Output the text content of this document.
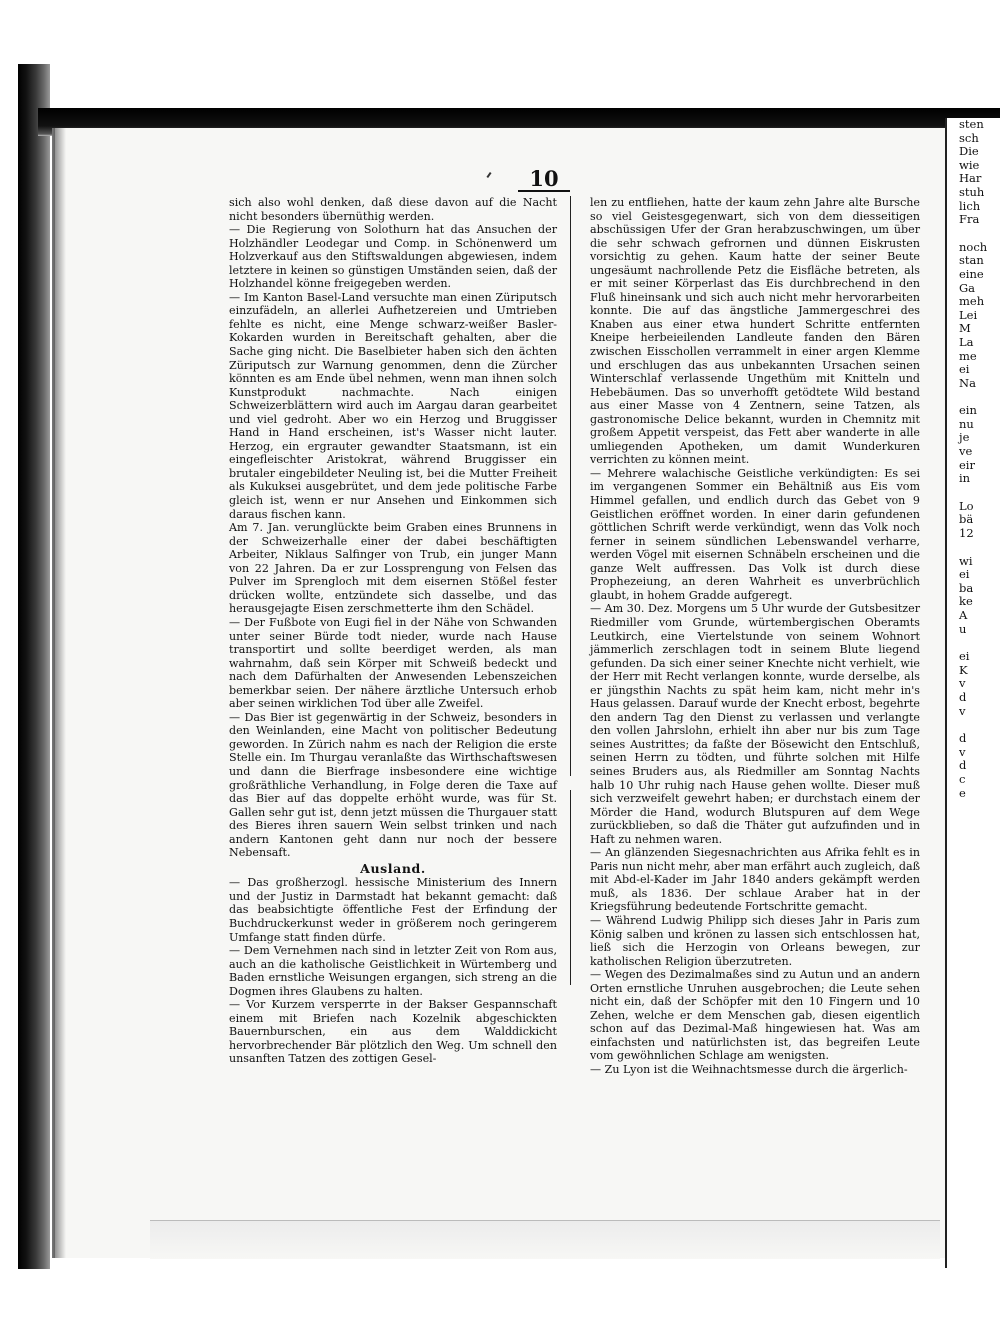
sten
sch
Die
wie
Har
stuh
lich
Fra
noch
stan
eine
Ga
meh
Lei
M
La
me
ei
Na
ein
nu
je
ve
eir
in
Lo
bä
12
wi
ei
ba
ke
A
u
ei
K
v
d
v
d
v
d
c
e
10

sich also wohl denken, daß diese davon auf die Nacht nicht besonders übernüthig werden.

— Die Regierung von Solothurn hat das Ansuchen der Holzhändler Leodegar und Comp. in Schönenwerd um Holzverkauf aus den Stiftswaldungen abgewiesen, indem letztere in keinen so günstigen Umständen seien, daß der Holzhandel könne freigegeben werden.

— Im Kanton Basel-Land versuchte man einen Züriputsch einzufädeln, an allerlei Aufhetzereien und Umtrieben fehlte es nicht, eine Menge schwarz-weißer Basler-Kokarden wurden in Bereitschaft gehalten, aber die Sache ging nicht. Die Baselbieter haben sich den ächten Züriputsch zur Warnung genommen, denn die Zürcher könnten es am Ende übel nehmen, wenn man ihnen solch Kunstprodukt nachmachte. Nach einigen Schweizerblättern wird auch im Aargau daran gearbeitet und viel gedroht. Aber wo ein Herzog und Bruggisser Hand in Hand erscheinen, ist's Wasser nicht lauter. Herzog, ein ergrauter gewandter Staatsmann, ist ein eingefleischter Aristokrat, während Bruggisser ein brutaler eingebildeter Neuling ist, bei die Mutter Freiheit als Kukuksei ausgebrütet, und dem jede politische Farbe gleich ist, wenn er nur Ansehen und Einkommen sich daraus fischen kann.

Am 7. Jan. verunglückte beim Graben eines Brunnens in der Schweizerhalle einer der dabei beschäftigten Arbeiter, Niklaus Salfinger von Trub, ein junger Mann von 22 Jahren. Da er zur Lossprengung von Felsen das Pulver im Sprengloch mit dem eisernen Stößel fester drücken wollte, entzündete sich dasselbe, und das herausgejagte Eisen zerschmetterte ihm den Schädel.

— Der Fußbote von Eugi fiel in der Nähe von Schwanden unter seiner Bürde todt nieder, wurde nach Hause transportirt und sollte beerdiget werden, als man wahrnahm, daß sein Körper mit Schweiß bedeckt und nach dem Dafürhalten der Anwesenden Lebenszeichen bemerkbar seien. Der nähere ärztliche Untersuch erhob aber seinen wirklichen Tod über alle Zweifel.

— Das Bier ist gegenwärtig in der Schweiz, besonders in den Weinlanden, eine Macht von politischer Bedeutung geworden. In Zürich nahm es nach der Religion die erste Stelle ein. Im Thurgau veranlaßte das Wirthschaftswesen und dann die Bierfrage insbesondere eine wichtige großräthliche Verhandlung, in Folge deren die Taxe auf das Bier auf das doppelte erhöht wurde, was für St. Gallen sehr gut ist, denn jetzt müssen die Thurgauer statt des Bieres ihren sauern Wein selbst trinken und nach andern Kantonen geht dann nur noch der bessere Nebensaft.

Ausland.

— Das großherzogl. hessische Ministerium des Innern und der Justiz in Darmstadt hat bekannt gemacht: daß das beabsichtigte öffentliche Fest der Erfindung der Buchdruckerkunst weder in größerem noch geringerem Umfange statt finden dürfe.

— Dem Vernehmen nach sind in letzter Zeit von Rom aus, auch an die katholische Geistlichkeit in Würtemberg und Baden ernstliche Weisungen ergangen, sich streng an die Dogmen ihres Glaubens zu halten.

— Vor Kurzem versperrte in der Bakser Gespannschaft einem mit Briefen nach Kozelnik abgeschickten Bauernburschen, ein aus dem Walddickicht hervorbrechender Bär plötzlich den Weg. Um schnell den unsanften Tatzen des zottigen Gesel-

len zu entfliehen, hatte der kaum zehn Jahre alte Bursche so viel Geistesgegenwart, sich von dem diesseitigen abschüssigen Ufer der Gran herabzuschwingen, um über die sehr schwach gefrornen und dünnen Eiskrusten vorsichtig zu gehen. Kaum hatte der seiner Beute ungesäumt nachrollende Petz die Eisfläche betreten, als er mit seiner Körperlast das Eis durchbrechend in den Fluß hineinsank und sich auch nicht mehr hervorarbeiten konnte. Die auf das ängstliche Jammergeschrei des Knaben aus einer etwa hundert Schritte entfernten Kneipe herbeieilenden Landleute fanden den Bären zwischen Eisschollen verrammelt in einer argen Klemme und erschlugen das aus unbekannten Ursachen seinen Winterschlaf verlassende Ungethüm mit Knitteln und Hebebäumen. Das so unverhofft getödtete Wild bestand aus einer Masse von 4 Zentnern, seine Tatzen, als gastronomische Delice bekannt, wurden in Chemnitz mit großem Appetit verspeist, das Fett aber wanderte in alle umliegenden Apotheken, um damit Wunderkuren verrichten zu können meint.

— Mehrere walachische Geistliche verkündigten: Es sei im vergangenen Sommer ein Behältniß aus Eis vom Himmel gefallen, und endlich durch das Gebet von 9 Geistlichen eröffnet worden. In einer darin gefundenen göttlichen Schrift werde verkündigt, wenn das Volk noch ferner in seinem sündlichen Lebenswandel verharre, werden Vögel mit eisernen Schnäbeln erscheinen und die ganze Welt auffressen. Das Volk ist durch diese Prophezeiung, an deren Wahrheit es unverbrüchlich glaubt, in hohem Gradde aufgeregt.

— Am 30. Dez. Morgens um 5 Uhr wurde der Gutsbesitzer Riedmiller vom Grunde, würtembergischen Oberamts Leutkirch, eine Viertelstunde von seinem Wohnort jämmerlich zerschlagen todt in seinem Blute liegend gefunden. Da sich einer seiner Knechte nicht verhielt, wie der Herr mit Recht verlangen konnte, wurde derselbe, als er jüngsthin Nachts zu spät heim kam, nicht mehr in's Haus gelassen. Darauf wurde der Knecht erbost, begehrte den andern Tag den Dienst zu verlassen und verlangte den vollen Jahrslohn, erhielt ihn aber nur bis zum Tage seines Austrittes; da faßte der Bösewicht den Entschluß, seinen Herrn zu tödten, und führte solchen mit Hilfe seines Bruders aus, als Riedmiller am Sonntag Nachts halb 10 Uhr ruhig nach Hause gehen wollte. Dieser muß sich verzweifelt gewehrt haben; er durchstach einem der Mörder die Hand, wodurch Blutspuren auf dem Wege zurückblieben, so daß die Thäter gut aufzufinden und in Haft zu nehmen waren.

— An glänzenden Siegesnachrichten aus Afrika fehlt es in Paris nun nicht mehr, aber man erfährt auch zugleich, daß mit Abd-el-Kader im Jahr 1840 anders gekämpft werden muß, als 1836. Der schlaue Araber hat in der Kriegsführung bedeutende Fortschritte gemacht.

— Während Ludwig Philipp sich dieses Jahr in Paris zum König salben und krönen zu lassen sich entschlossen hat, ließ sich die Herzogin von Orleans bewegen, zur katholischen Religion überzutreten.

— Wegen des Dezimalmaßes sind zu Autun und an andern Orten ernstliche Unruhen ausgebrochen; die Leute sehen nicht ein, daß der Schöpfer mit den 10 Fingern und 10 Zehen, welche er dem Menschen gab, diesen eigentlich schon auf das Dezimal-Maß hingewiesen hat. Was am einfachsten und natürlichsten ist, das begreifen Leute vom gewöhnlichen Schlage am wenigsten.

— Zu Lyon ist die Weihnachtsmesse durch die ärgerlich-
